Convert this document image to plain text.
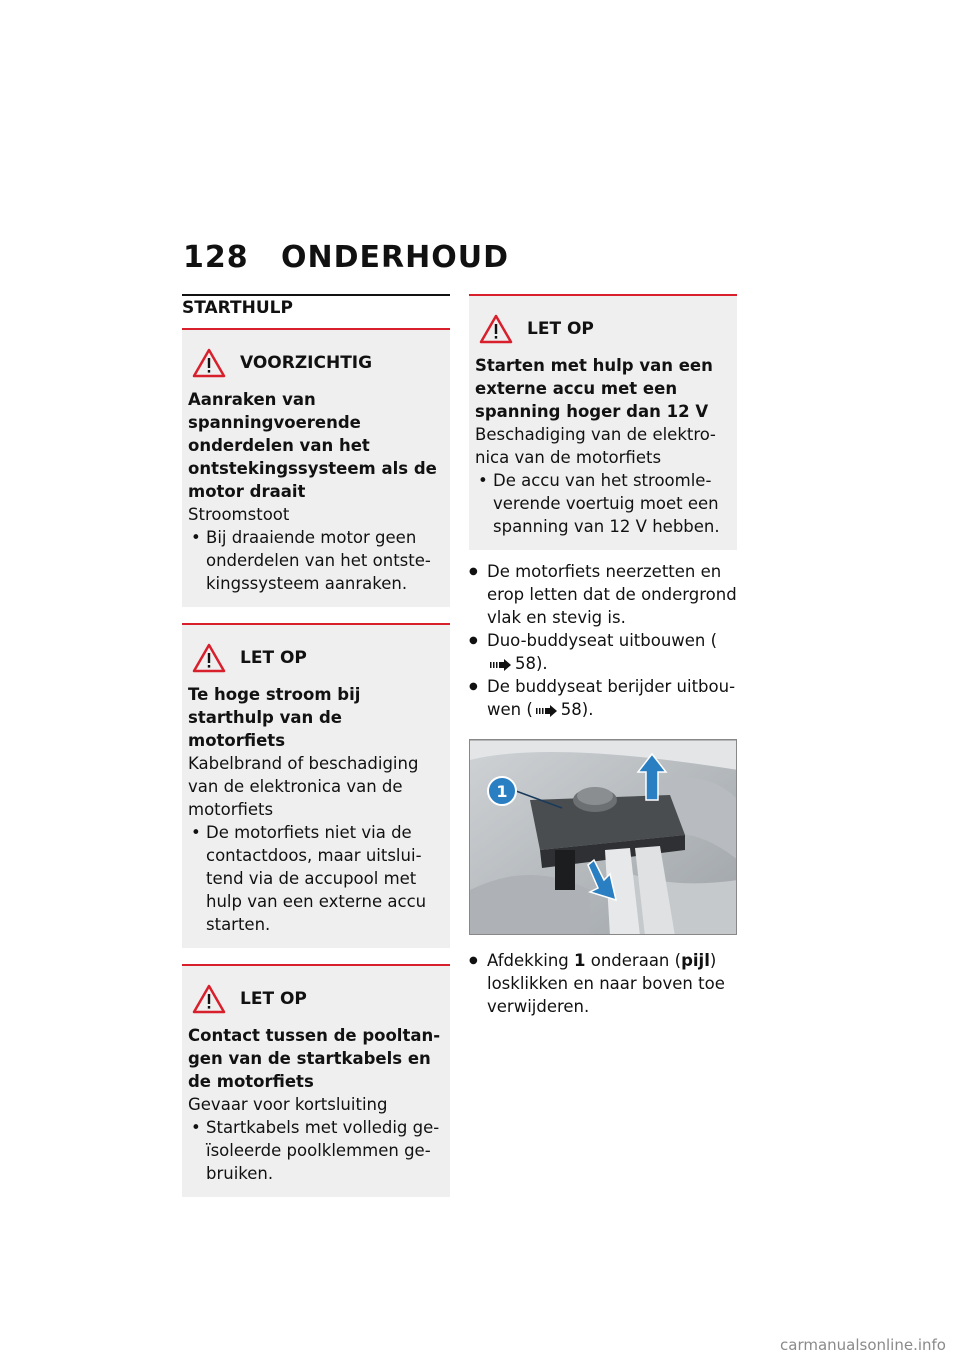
128 ONDERHOUD
STARTHULP
VOORZICHTIG
Aanraken van spanningvoerende onderdelen van het ontstekingssysteem als de motor draait

Stroomstoot

• Bij draaiende motor geen onderdelen van het ontstekingssysteem aanraken.
LET OP
Te hoge stroom bij starthulp van de motorfiets

Kabelbrand of beschadiging van de elektronica van de motorfiets

• De motorfiets niet via de contactdoos, maar uitsluitend via de accupool met hulp van een externe accu starten.
LET OP
Contact tussen de pooltangen van de startkabels en de motorfiets

Gevaar voor kortsluiting

• Startkabels met volledig geïsoleerde poolklemmen gebruiken.
LET OP
Starten met hulp van een externe accu met een spanning hoger dan 12 V

Beschadiging van de elektronica van de motorfiets

• De accu van het stroomleverende voertuig moet een spanning van 12 V hebben.
● De motorfiets neerzetten en erop letten dat de ondergrond vlak en stevig is.
● Duo-buddyseat uitbouwen (58).
● De buddyseat berijder uitbouwen ( 58).
1
● Afdekking 1 onderaan (pijl) losklikken en naar boven toe verwijderen.
carmanualsonline.info
